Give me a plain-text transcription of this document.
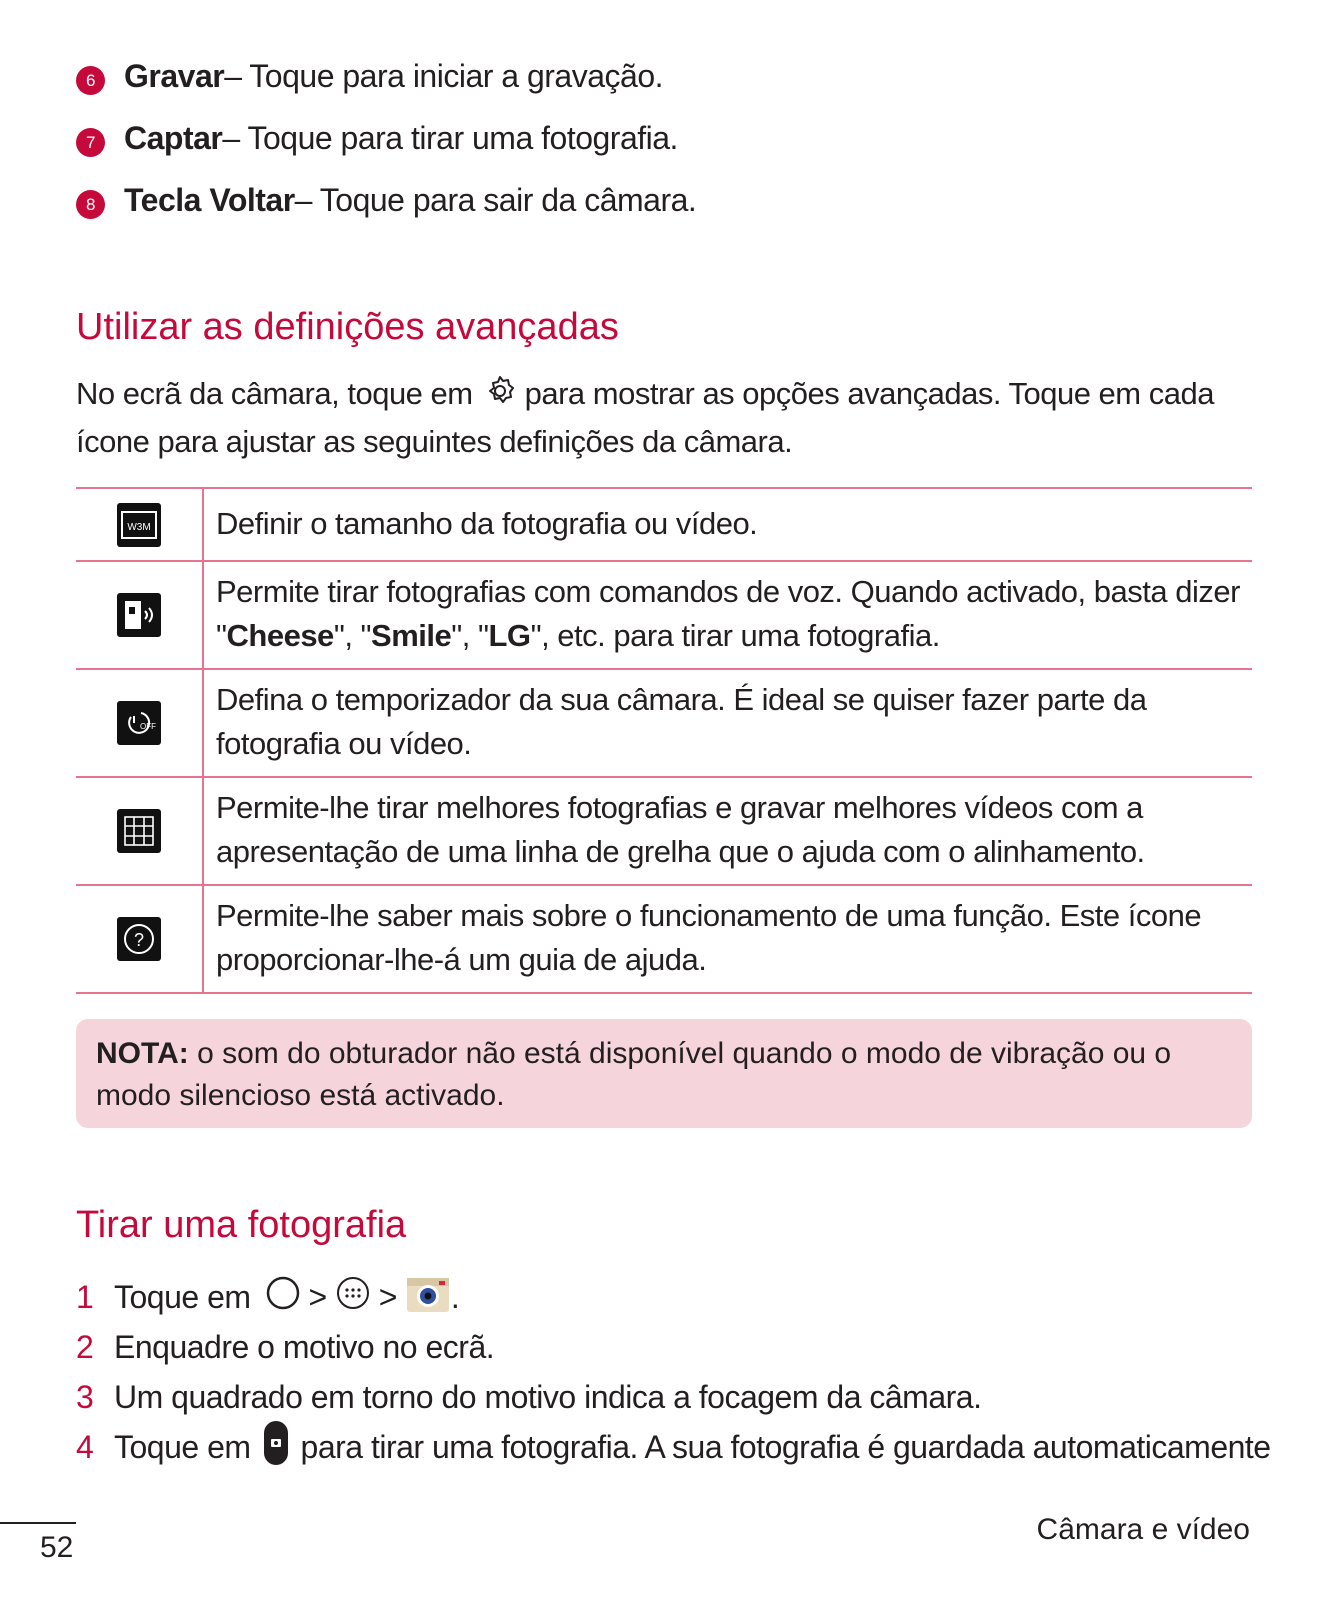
6 Gravar – Toque para iniciar a gravação.
7 Captar – Toque para tirar uma fotografia.
8 Tecla Voltar – Toque para sair da câmara.
Utilizar as definições avançadas
No ecrã da câmara, toque em para mostrar as opções avançadas. Toque em cada ícone para ajustar as seguintes definições da câmara.
W3M	Definir o tamanho da fotografia ou vídeo.
	Permite tirar fotografias com comandos de voz. Quando activado, basta dizer "Cheese", "Smile", "LG", etc. para tirar uma fotografia.

OFF	Defina o temporizador da sua câmara. É ideal se quiser fazer parte da fotografia ou vídeo.
	Permite-lhe tirar melhores fotografias e gravar melhores vídeos com a apresentação de uma linha de grelha que o ajuda com o alinhamento.

?	Permite-lhe saber mais sobre o funcionamento de uma função. Este ícone proporcionar-lhe-á um guia de ajuda.
NOTA: o som do obturador não está disponível quando o modo de vibração ou o modo silencioso está activado.
Tirar uma fotografia
1 Toque em > > .
2 Enquadre o motivo no ecrã.
3 Um quadrado em torno do motivo indica a focagem da câmara.
4 Toque em para tirar uma fotografia. A sua fotografia é guardada automaticamente
52
Câmara e vídeo
